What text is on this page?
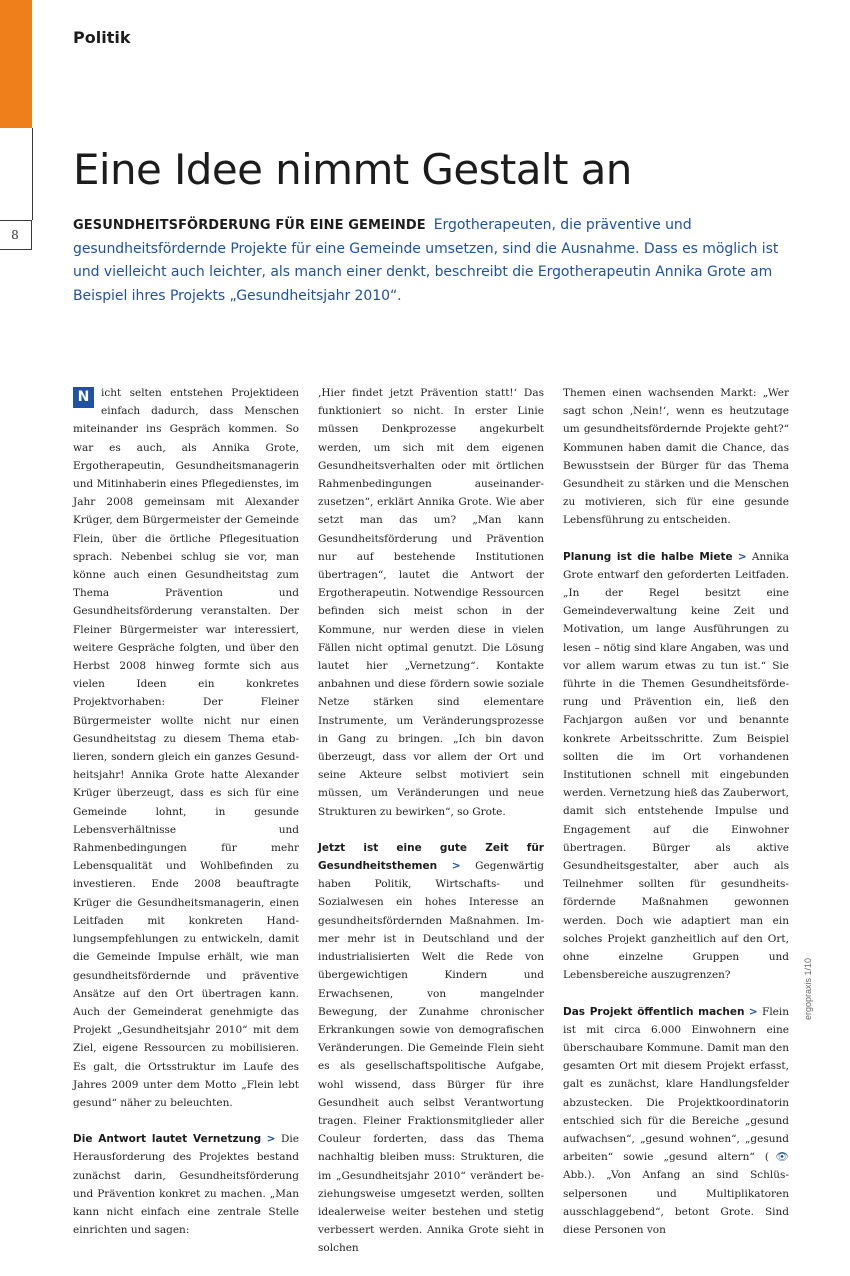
8
Politik
Eine Idee nimmt Gestalt an

GESUNDHEITSFÖRDERUNG FÜR EINE GEMEINDE Ergotherapeuten, die präventive und gesundheitsfördernde Projekte für eine Gemeinde umsetzen, sind die Ausnahme. Dass es möglich ist und vielleicht auch leichter, als manch einer denkt, beschreibt die Ergotherapeutin Annika Grote am Beispiel ihres Projekts „Gesundheitsjahr 2010“.

N	icht selten entstehen Projektideen einfach dadurch, dass Menschen miteinander ins Gespräch kommen. So war es auch, als Annika Grote, Ergotherapeutin, Gesundheitsmanagerin und Mitinhaberin eines Pflegedienstes, im Jahr 2008 gemeinsam mit Alexander Krüger, dem Bürgermeister der Gemeinde Flein, über die örtliche Pflegesituation sprach. Nebenbei schlug sie vor, man könne auch einen Gesundheitstag zum Thema Prävention und Gesundheitsförderung veranstalten. Der Fleiner Bürgermeister war interessiert, weitere Gespräche folgten, und über den Herbst 2008 hinweg formte sich aus vielen Ideen ein konkretes Projektvorhaben: Der Fleiner Bürgermeister wollte nicht nur einen Gesundheitstag zu diesem Thema etablieren, sondern gleich ein ganzes Gesundheitsjahr! Annika Grote hatte Alexander Krüger überzeugt, dass es sich für eine Gemeinde lohnt, in gesunde Lebensverhältnisse und Rahmenbedingungen für mehr Lebensqualität und Wohlbefinden zu investieren. Ende 2008 beauftragte Krüger die Gesundheitsmanagerin, einen Leitfaden mit konkreten Handlungsempfehlungen zu entwickeln, damit die Gemeinde Impulse erhält, wie man gesundheitsfördernde und präventive Ansätze auf den Ort übertragen kann. Auch der Gemeinderat genehmigte das Projekt „Gesundheitsjahr 2010“ mit dem Ziel, eigene Ressourcen zu mobilisieren. Es galt, die Ortsstruktur im Laufe des Jahres 2009 unter dem Motto „Flein lebt gesund“ näher zu beleuchten.

Die Antwort lautet Vernetzung > Die Herausforderung des Projektes bestand zunächst darin, Gesundheitsförderung und Prävention konkret zu machen. „Man kann nicht einfach eine zentrale Stelle einrichten und sagen:

‚Hier findet jetzt Prävention statt!‘ Das funktioniert so nicht. In erster Linie müssen Denkprozesse angekurbelt werden, um sich mit dem eigenen Gesundheitsverhalten oder mit örtlichen Rahmenbedingungen auseinanderzusetzen“, erklärt Annika Grote. Wie aber setzt man das um? „Man kann Gesundheitsförderung und Prävention nur auf bestehende Institutionen übertragen“, lautet die Antwort der Ergotherapeutin. Notwendige Ressourcen befinden sich meist schon in der Kommune, nur werden diese in vielen Fällen nicht optimal genutzt. Die Lösung lautet hier „Vernetzung“. Kontakte anbahnen und diese fördern sowie soziale Netze stärken sind elementare Instrumente, um Veränderungsprozesse in Gang zu bringen. „Ich bin davon überzeugt, dass vor allem der Ort und seine Akteure selbst motiviert sein müssen, um Veränderungen und neue Strukturen zu bewirken“, so Grote.

Jetzt ist eine gute Zeit für Gesundheitsthemen > Gegenwärtig haben Politik, Wirtschafts- und Sozialwesen ein hohes Interesse an gesundheitsfördernden Maßnahmen. Immer mehr ist in Deutschland und der industrialisierten Welt die Rede von übergewichtigen Kindern und Erwachsenen, von mangelnder Bewegung, der Zunahme chronischer Erkrankungen sowie von demografischen Veränderungen. Die Gemeinde Flein sieht es als gesellschaftspolitische Aufgabe, wohl wissend, dass Bürger für ihre Gesundheit auch selbst Verantwortung tragen. Fleiner Fraktionsmitglieder aller Couleur forderten, dass das Thema nachhaltig bleiben muss: Strukturen, die im „Gesundheitsjahr 2010“ verändert beziehungsweise umgesetzt werden, sollten idealerweise weiter bestehen und stetig verbessert werden. Annika Grote sieht in solchen

Themen einen wachsenden Markt: „Wer sagt schon ‚Nein!‘, wenn es heutzutage um gesundheitsfördernde Projekte geht?“ Kommunen haben damit die Chance, das Bewusstsein der Bürger für das Thema Gesundheit zu stärken und die Menschen zu motivieren, sich für eine gesunde Lebensführung zu entscheiden.

Planung ist die halbe Miete > Annika Grote entwarf den geforderten Leitfaden. „In der Regel besitzt eine Gemeindeverwaltung keine Zeit und Motivation, um lange Ausführungen zu lesen – nötig sind klare Angaben, was und vor allem warum etwas zu tun ist.“ Sie führte in die Themen Gesundheitsförderung und Prävention ein, ließ den Fachjargon außen vor und benannte konkrete Arbeitsschritte. Zum Beispiel sollten die im Ort vorhandenen Institutionen schnell mit eingebunden werden. Vernetzung hieß das Zauberwort, damit sich entstehende Impulse und Engagement auf die Einwohner übertragen. Bürger als aktive Gesundheitsgestalter, aber auch als Teilnehmer sollten für gesundheitsfördernde Maßnahmen gewonnen werden. Doch wie adaptiert man ein solches Projekt ganzheitlich auf den Ort, ohne einzelne Gruppen und Lebensbereiche auszugrenzen?

Das Projekt öffentlich machen > Flein ist mit circa 6.000 Einwohnern eine überschaubare Kommune. Damit man den gesamten Ort mit diesem Projekt erfasst, galt es zunächst, klare Handlungsfelder abzustecken. Die Projektkoordinatorin entschied sich für die Bereiche „gesund aufwachsen“, „gesund wohnen“, „gesund arbeiten“ sowie „gesund altern“ (👁 Abb.). „Von Anfang an sind Schlüsselpersonen und Multiplikatoren ausschlaggebend“, betont Grote. Sind diese Personen von

ergopraxis 1/10
